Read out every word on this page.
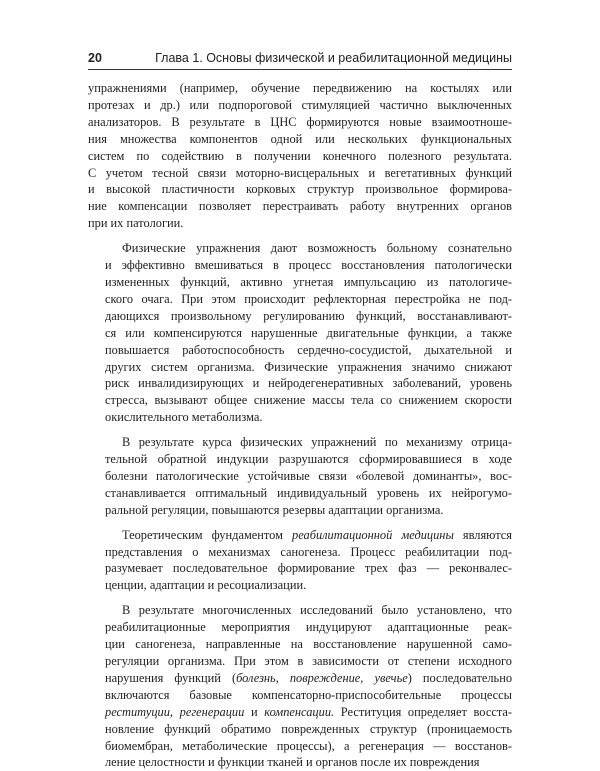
20	Глава 1. Основы физической и реабилитационной медицины
упражнениями (например, обучение передвижению на костылях или
протезах и др.) или подпороговой стимуляцией частично выключенных
анализаторов. В результате в ЦНС формируются новые взаимоотноше-
ния множества компонентов одной или нескольких функциональных
систем по содействию в получении конечного полезного результата.
С учетом тесной связи моторно-висцеральных и вегетативных функций
и высокой пластичности корковых структур произвольное формирова-
ние компенсации позволяет перестраивать работу внутренних органов
при их патологии.
Физические упражнения дают возможность больному сознательно
и эффективно вмешиваться в процесс восстановления патологически
измененных функций, активно угнетая импульсацию из патологиче-
ского очага. При этом происходит рефлекторная перестройка не под-
дающихся произвольному регулированию функций, восстанавливают-
ся или компенсируются нарушенные двигательные функции, а также
повышается работоспособность сердечно-сосудистой, дыхательной и
других систем организма. Физические упражнения значимо снижают
риск инвалидизирующих и нейродегенеративных заболеваний, уровень
стресса, вызывают общее снижение массы тела со снижением скорости
окислительного метаболизма.
В результате курса физических упражнений по механизму отрица-
тельной обратной индукции разрушаются сформировавшиеся в ходе
болезни патологические устойчивые связи «болевой доминанты», вос-
станавливается оптимальный индивидуальный уровень их нейрогумо-
ральной регуляции, повышаются резервы адаптации организма.
Теоретическим фундаментом реабилитационной медицины являются
представления о механизмах саногенеза. Процесс реабилитации под-
разумевает последовательное формирование трех фаз — реконвалес-
ценции, адаптации и ресоциализации.
В результате многочисленных исследований было установлено, что
реабилитационные мероприятия индуцируют адаптационные реак-
ции саногенеза, направленные на восстановление нарушенной само-
регуляции организма. При этом в зависимости от степени исходного
нарушения функций (болезнь, повреждение, увечье) последовательно
включаются базовые компенсаторно-приспособительные процессы
реституции, регенерации и компенсации. Реституция определяет восста-
новление функций обратимо поврежденных структур (проницаемость
биомембран, метаболические процессы), а регенерация — восстанов-
ление целостности и функции тканей и органов после их повреждения
